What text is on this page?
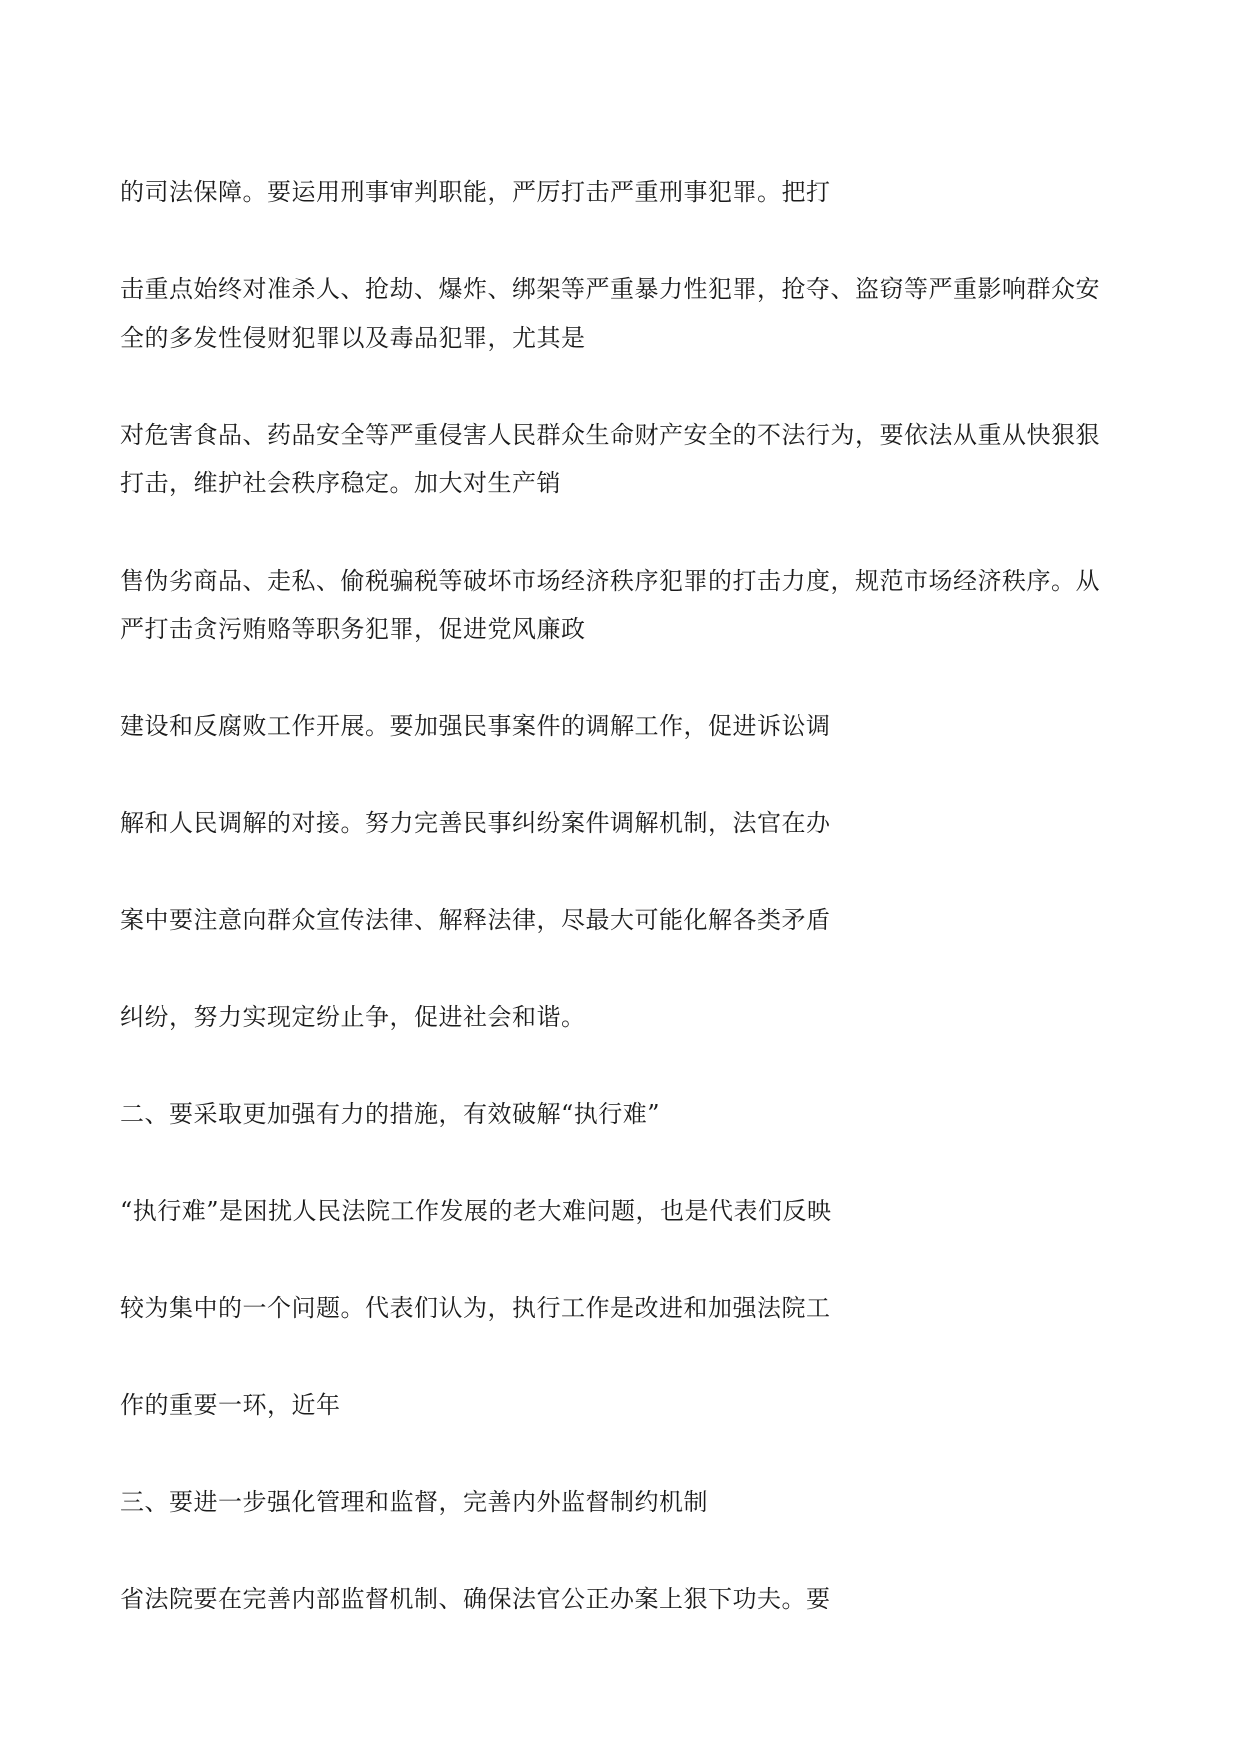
的司法保障。要运用刑事审判职能，严厉打击严重刑事犯罪。把打
击重点始终对准杀人、抢劫、爆炸、绑架等严重暴力性犯罪，抢夺、盗窃等严重影响群众安
全的多发性侵财犯罪以及毒品犯罪，尤其是
对危害食品、药品安全等严重侵害人民群众生命财产安全的不法行为，要依法从重从快狠狠
打击，维护社会秩序稳定。加大对生产销
售伪劣商品、走私、偷税骗税等破坏市场经济秩序犯罪的打击力度，规范市场经济秩序。从
严打击贪污贿赂等职务犯罪，促进党风廉政
建设和反腐败工作开展。要加强民事案件的调解工作，促进诉讼调
解和人民调解的对接。努力完善民事纠纷案件调解机制，法官在办
案中要注意向群众宣传法律、解释法律，尽最大可能化解各类矛盾
纠纷，努力实现定纷止争，促进社会和谐。
二、要采取更加强有力的措施，有效破解“执行难”
“执行难”是困扰人民法院工作发展的老大难问题，也是代表们反映
较为集中的一个问题。代表们认为，执行工作是改进和加强法院工
作的重要一环，近年
三、要进一步强化管理和监督，完善内外监督制约机制
省法院要在完善内部监督机制、确保法官公正办案上狠下功夫。要
